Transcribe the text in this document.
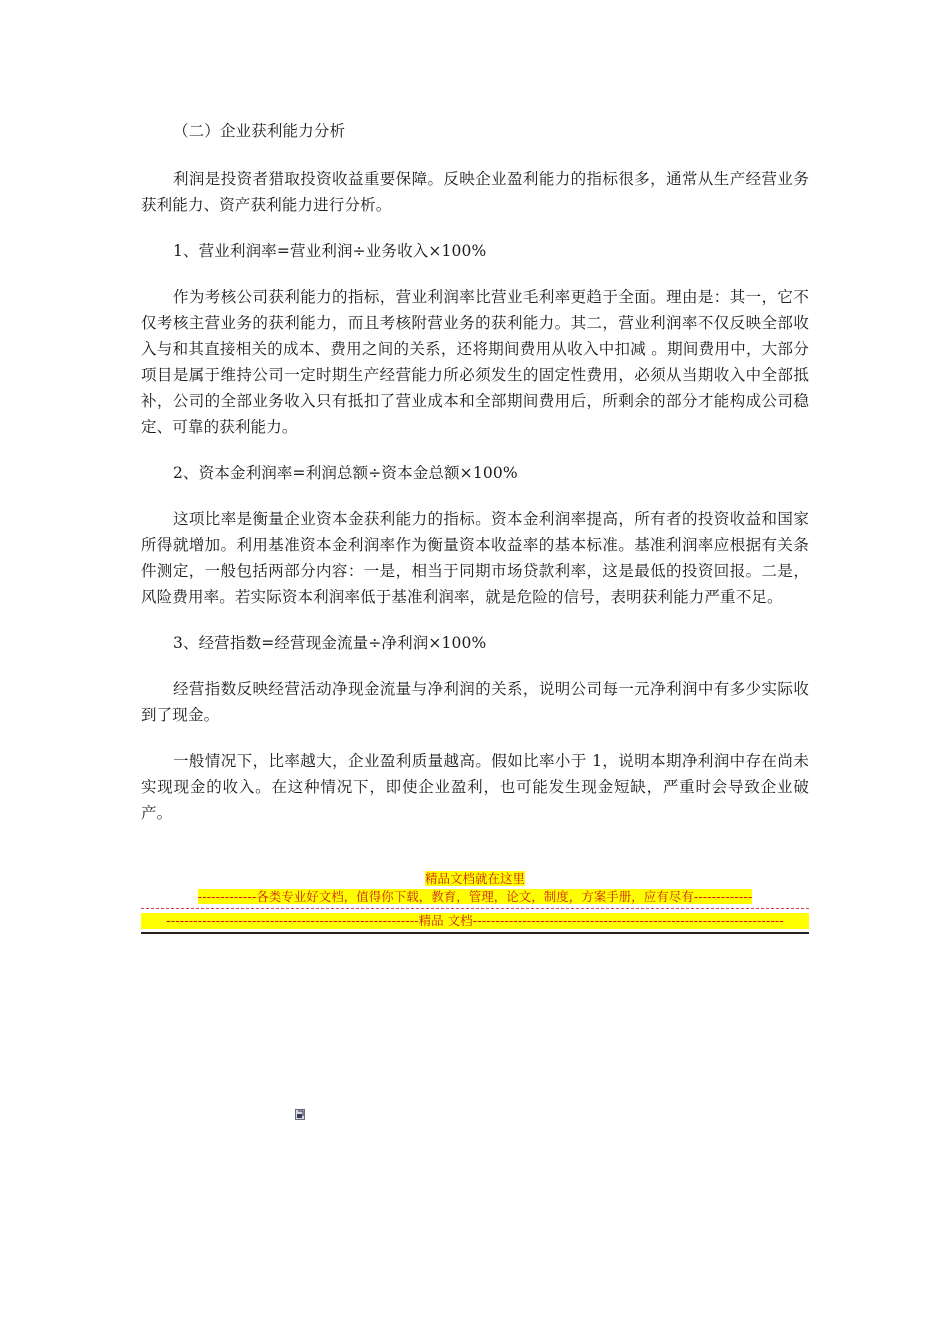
（二）企业获利能力分析

利润是投资者猎取投资收益重要保障。反映企业盈利能力的指标很多，通常从生产经营业务获利能力、资产获利能力进行分析。

1、营业利润率=营业利润÷业务收入×100%

作为考核公司获利能力的指标，营业利润率比营业毛利率更趋于全面。理由是：其一，它不仅考核主营业务的获利能力，而且考核附营业务的获利能力。其二，营业利润率不仅反映全部收入与和其直接相关的成本、费用之间的关系，还将期间费用从收入中扣减 。期间费用中，大部分项目是属于维持公司一定时期生产经营能力所必须发生的固定性费用，必须从当期收入中全部抵补，公司的全部业务收入只有抵扣了营业成本和全部期间费用后，所剩余的部分才能构成公司稳定、可靠的获利能力。

2、资本金利润率=利润总额÷资本金总额×100%

这项比率是衡量企业资本金获利能力的指标。资本金利润率提高，所有者的投资收益和国家所得就增加。利用基准资本金利润率作为衡量资本收益率的基本标准。基准利润率应根据有关条件测定，一般包括两部分内容：一是，相当于同期市场贷款利率，这是最低的投资回报。二是，风险费用率。若实际资本利润率低于基准利润率，就是危险的信号，表明获利能力严重不足。

3、经营指数=经营现金流量÷净利润×100%

经营指数反映经营活动净现金流量与净利润的关系，说明公司每一元净利润中有多少实际收到了现金。

一般情况下，比率越大，企业盈利质量越高。假如比率小于 1，说明本期净利润中存在尚未实现现金的收入。在这种情况下，即使企业盈利，也可能发生现金短缺，严重时会导致企业破产。

精品文档就在这里
-------------各类专业好文档，值得你下载，教育，管理，论文，制度，方案手册，应有尽有-------------
--------------------------------------------------------精品 文档---------------------------------------------------------------------
